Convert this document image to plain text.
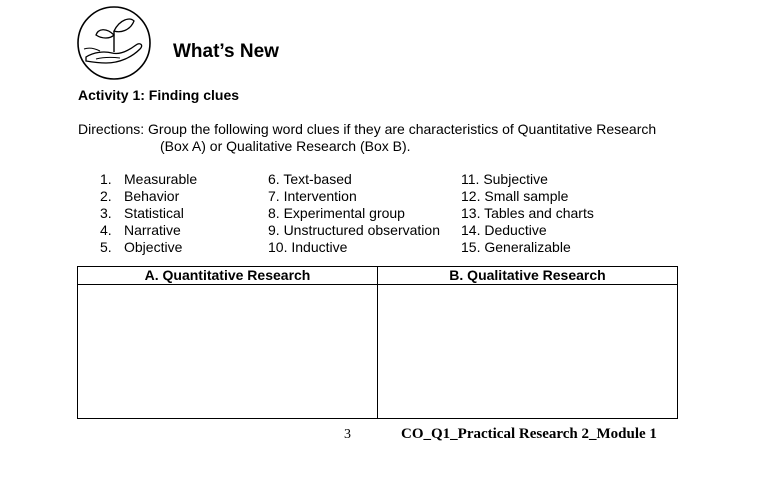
What’s New
Activity 1: Finding clues
Directions: Group the following word clues if they are characteristics of Quantitative Research
(Box A) or Qualitative Research (Box B).
1. Measurable
2. Behavior
3. Statistical
4. Narrative
5. Objective
6. Text-based
7. Intervention
8. Experimental group
9. Unstructured observation
10. Inductive
11. Subjective
12. Small sample
13. Tables and charts
14. Deductive
15. Generalizable
A. Quantitative Research	B. Qualitative Research
3	CO_Q1_Practical Research 2_Module 1
